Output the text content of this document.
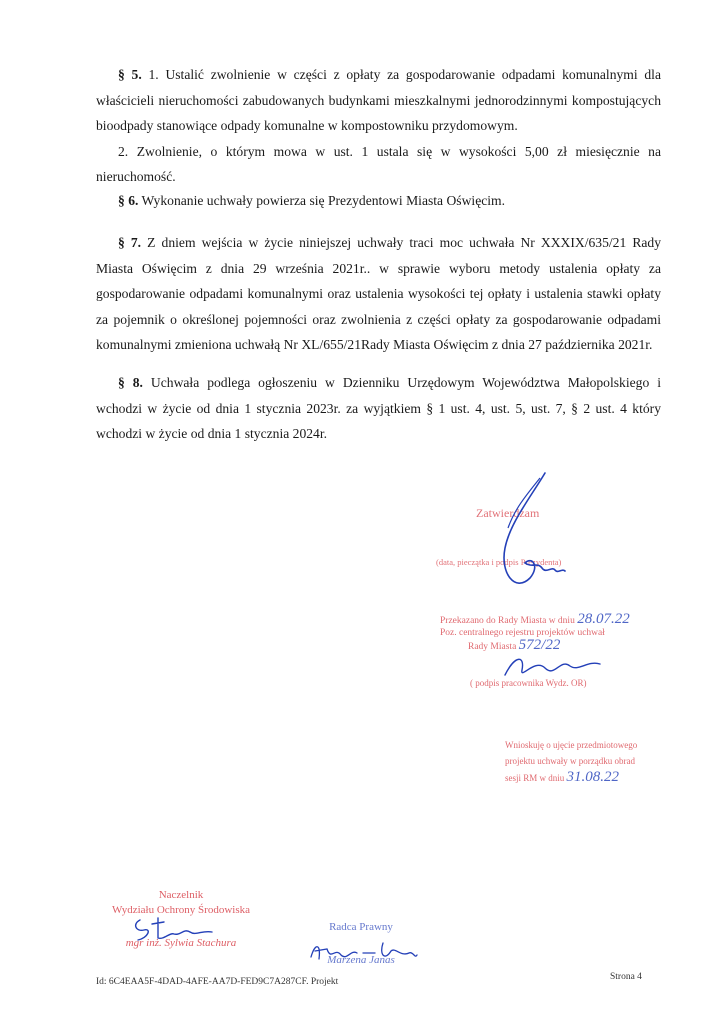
§ 5. 1. Ustalić zwolnienie w części z opłaty za gospodarowanie odpadami komunalnymi dla właścicieli nieruchomości zabudowanych budynkami mieszkalnymi jednorodzinnymi kompostujących bioodpady stanowiące odpady komunalne w kompostowniku przydomowym.

2. Zwolnienie, o którym mowa w ust. 1 ustala się w wysokości 5,00 zł miesięcznie na nieruchomość.

§ 6. Wykonanie uchwały powierza się Prezydentowi Miasta Oświęcim.

§ 7. Z dniem wejścia w życie niniejszej uchwały traci moc uchwała Nr XXXIX/635/21 Rady Miasta Oświęcim z dnia 29 września 2021r.. w sprawie wyboru metody ustalenia opłaty za gospodarowanie odpadami komunalnymi oraz ustalenia wysokości tej opłaty i ustalenia stawki opłaty za pojemnik o określonej pojemności oraz zwolnienia z części opłaty za gospodarowanie odpadami komunalnymi zmieniona uchwałą Nr XL/655/21Rady Miasta Oświęcim z dnia 27 października 2021r.

§ 8. Uchwała podlega ogłoszeniu w Dzienniku Urzędowym Województwa Małopolskiego i wchodzi w życie od dnia 1 stycznia 2023r. za wyjątkiem § 1 ust. 4, ust. 5, ust. 7, § 2 ust. 4 który wchodzi w życie od dnia 1 stycznia 2024r.

Zatwierdzam
(data, pieczątka i podpis Prezydenta)
Przekazano do Rady Miasta w dniu 28.07.22
Poz. centralnego rejestru projektów uchwał
Rady Miasta 572/22
( podpis pracownika Wydz. OR)
Wnioskuję o ujęcie przedmiotowego
projektu uchwały w porządku obrad
sesji RM w dniu 31.08.22
Naczelnik
Wydziału Ochrony Środowiska
mgr inż. Sylwia Stachura
Radca Prawny
Marzena Janas
Id: 6C4EAA5F-4DAD-4AFE-AA7D-FED9C7A287CF. Projekt	Strona 4
